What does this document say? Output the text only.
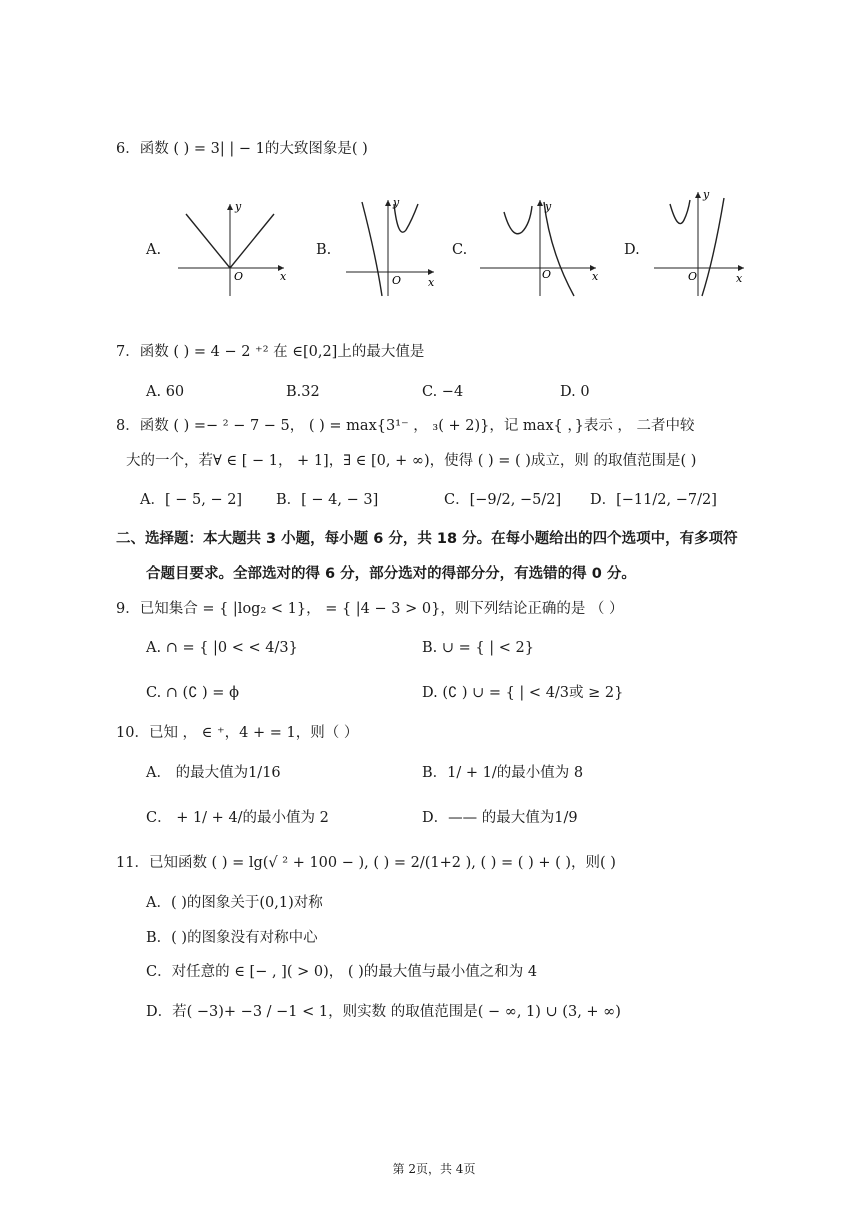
6．函数 ( ) = 3| | − 1的大致图象是( )
A.
O	x
y
B.
O x
y
C.
O	x
y
D.
O	x
y
7．函数 ( ) = 4 − 2 ⁺² 在 ∈[0,2]上的最大值是
A. 60	B.32	C. −4	D. 0
8．函数 ( ) =− ² − 7 − 5， ( ) = max{3¹⁻ ， ₃( + 2)}，记 max{ ，}表示 ， 二者中较
大的一个，若∀ ∈ [ − 1， + 1]，∃ ∈ [0, + ∞)，使得 ( ) = ( )成立，则 的取值范围是( )
A．[ − 5, − 2] B．[ − 4, − 3]	C．[−9/2, −5/2] D．[−11/2, −7/2]
二、选择题：本大题共 3 小题，每小题 6 分，共 18 分。在每小题给出的四个选项中，有多项符
合题目要求。全部选对的得 6 分，部分选对的得部分分，有选错的得 0 分。
9．已知集合 = { |log₂ < 1}， = { |4 − 3 > 0}，则下列结论正确的是 （ ）
A. ∩ = { |0 < < 4/3}	B. ∪ = { | < 2}
C. ∩ (∁ ) = ϕ	D. (∁ ) ∪ = { | < 4/3或 ≥ 2}
10．已知 ， ∈ ⁺，4 + = 1，则（ ）
A． 的最大值为1/16	B．1/ + 1/的最小值为 8
C． + 1/ + 4/的最小值为 2	D．—— 的最大值为1/9
11．已知函数 ( ) = lg(√ ² + 100 − ), ( ) = 2/(1+2 ), ( ) = ( ) + ( )，则( )
A．( )的图象关于(0,1)对称
B．( )的图象没有对称中心
C．对任意的 ∈ [− , ]( > 0)， ( )的最大值与最小值之和为 4
D．若( −3)+ −3 / −1 < 1，则实数 的取值范围是( − ∞, 1) ∪ (3, + ∞)
第 2页，共 4页
